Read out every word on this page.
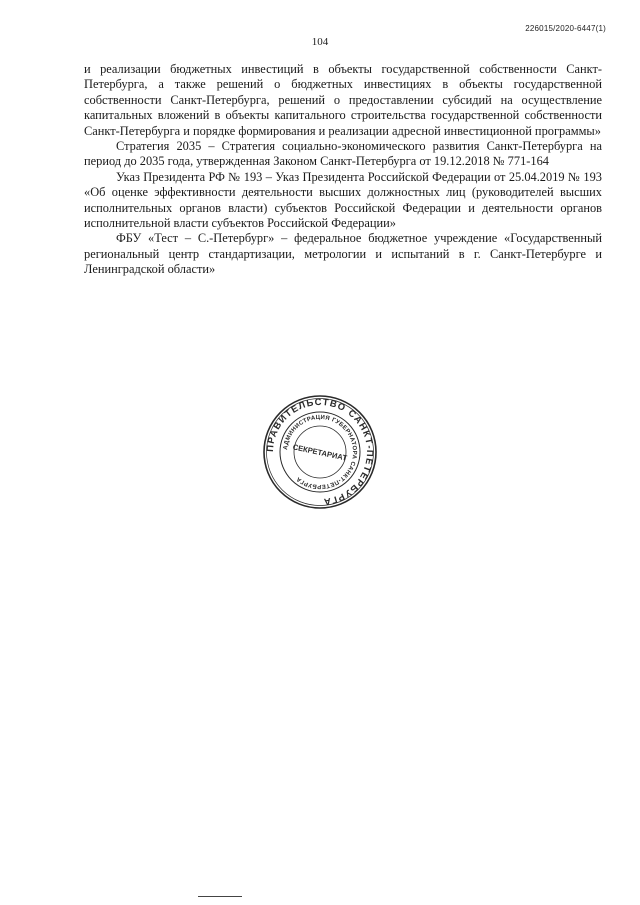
226015/2020-6447(1)
104

и реализации бюджетных инвестиций в объекты государственной собственности Санкт-Петербурга, а также решений о бюджетных инвестициях в объекты государственной собственности Санкт-Петербурга, решений о предоставлении субсидий на осуществление капитальных вложений в объекты капитального строительства государственной собственности Санкт-Петербурга и порядке формирования и реализации адресной инвестиционной программы»

Стратегия 2035 – Стратегия социально-экономического развития Санкт-Петербурга на период до 2035 года, утвержденная Законом Санкт-Петербурга от 19.12.2018 № 771-164

Указ Президента РФ № 193 – Указ Президента Российской Федерации от 25.04.2019 № 193 «Об оценке эффективности деятельности высших должностных лиц (руководителей высших исполнительных органов власти) субъектов Российской Федерации и деятельности органов исполнительной власти субъектов Российской Федерации»

ФБУ «Тест – С.-Петербург» – федеральное бюджетное учреждение «Государственный региональный центр стандартизации, метрологии и испытаний в г. Санкт-Петербурге и Ленинградской области»

ПРАВИТЕЛЬСТВО САНКТ-ПЕТЕРБУРГА
АДМИНИСТРАЦИЯ ГУБЕРНАТОРА САНКТ-ПЕТЕРБУРГА
СЕКРЕТАРИАТ
